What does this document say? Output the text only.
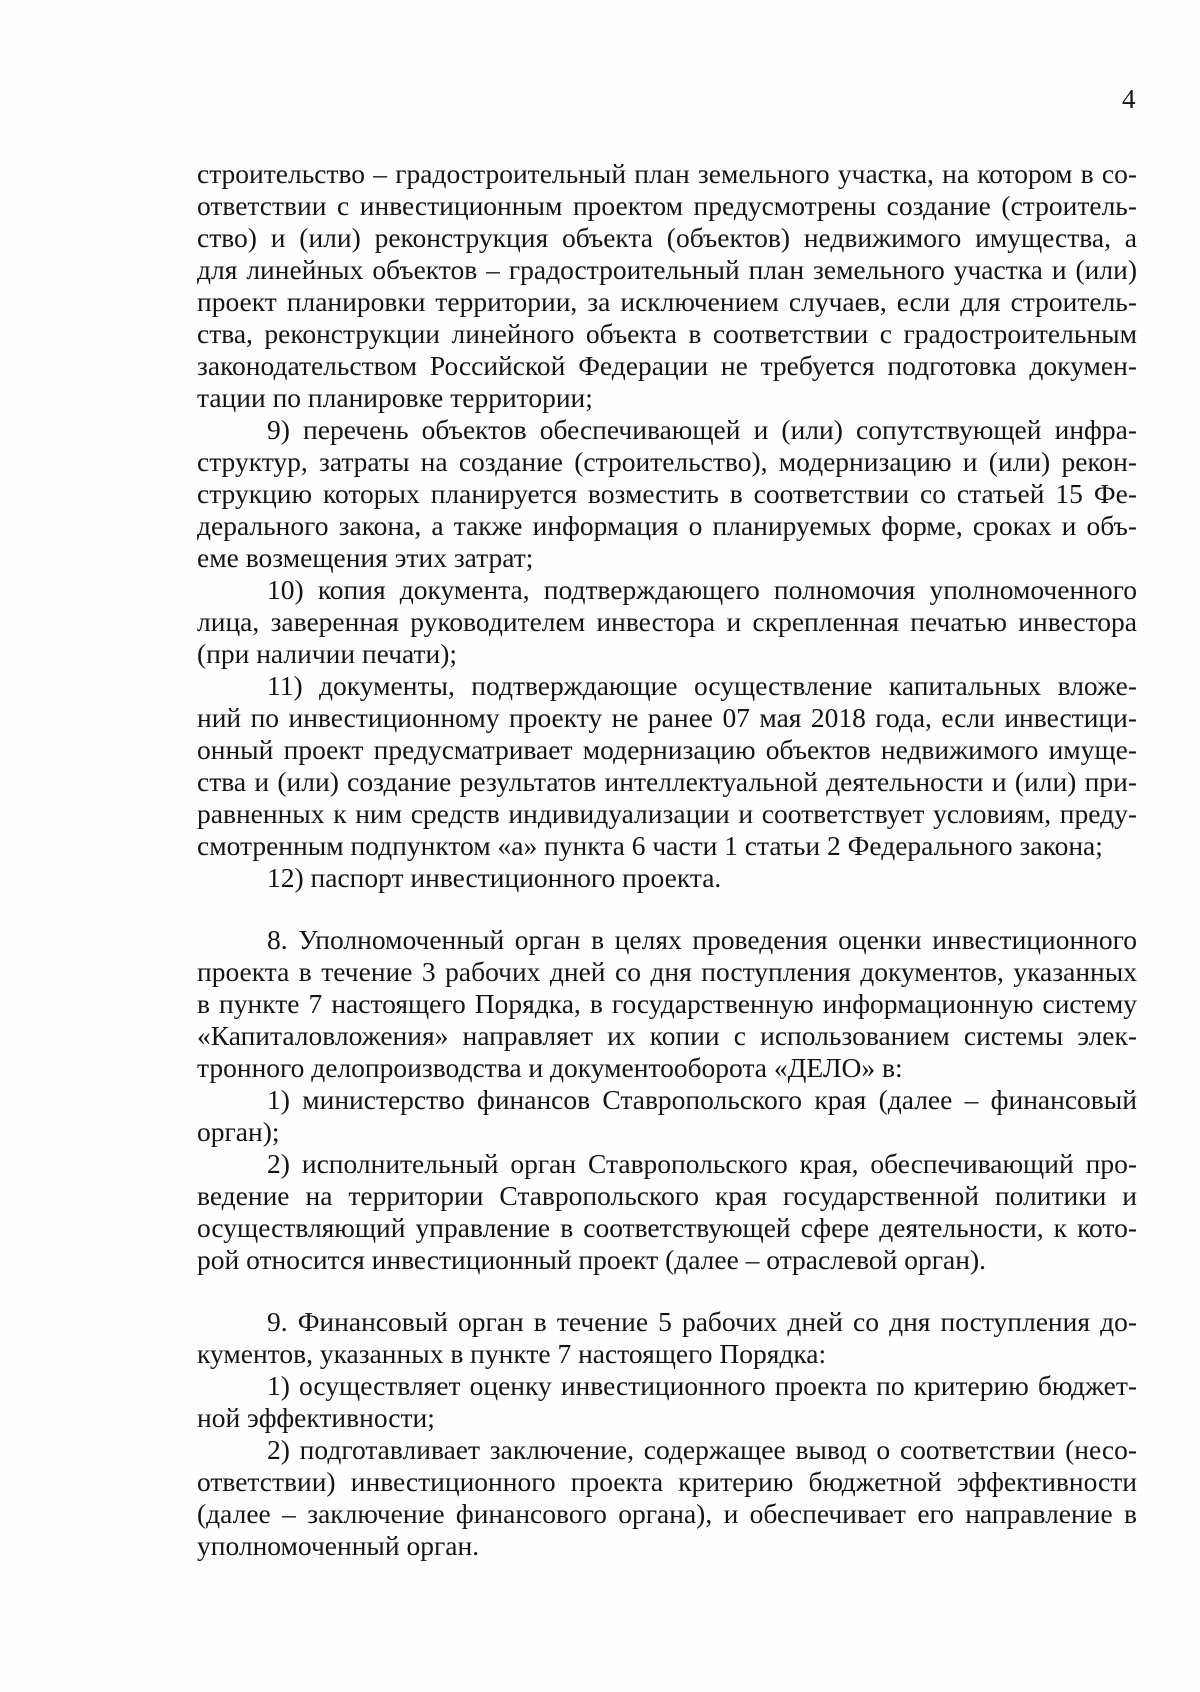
4
строительство – градостроительный план земельного участка, на котором в со-
ответствии с инвестиционным проектом предусмотрены создание (строитель-
ство) и (или) реконструкция объекта (объектов) недвижимого имущества, а
для линейных объектов – градостроительный план земельного участка и (или)
проект планировки территории, за исключением случаев, если для строитель-
ства, реконструкции линейного объекта в соответствии с градостроительным
законодательством Российской Федерации не требуется подготовка докумен-
тации по планировке территории;
9) перечень объектов обеспечивающей и (или) сопутствующей инфра-
структур, затраты на создание (строительство), модернизацию и (или) рекон-
струкцию которых планируется возместить в соответствии со статьей 15 Фе-
дерального закона, а также информация о планируемых форме, сроках и объ-
еме возмещения этих затрат;
10) копия документа, подтверждающего полномочия уполномоченного
лица, заверенная руководителем инвестора и скрепленная печатью инвестора
(при наличии печати);
11) документы, подтверждающие осуществление капитальных вложе-
ний по инвестиционному проекту не ранее 07 мая 2018 года, если инвестици-
онный проект предусматривает модернизацию объектов недвижимого имуще-
ства и (или) создание результатов интеллектуальной деятельности и (или) при-
равненных к ним средств индивидуализации и соответствует условиям, преду-
смотренным подпунктом «а» пункта 6 части 1 статьи 2 Федерального закона;
12) паспорт инвестиционного проекта.
8. Уполномоченный орган в целях проведения оценки инвестиционного
проекта в течение 3 рабочих дней со дня поступления документов, указанных
в пункте 7 настоящего Порядка, в государственную информационную систему
«Капиталовложения» направляет их копии с использованием системы элек-
тронного делопроизводства и документооборота «ДЕЛО» в:
1) министерство финансов Ставропольского края (далее – финансовый
орган);
2) исполнительный орган Ставропольского края, обеспечивающий про-
ведение на территории Ставропольского края государственной политики и
осуществляющий управление в соответствующей сфере деятельности, к кото-
рой относится инвестиционный проект (далее – отраслевой орган).
9. Финансовый орган в течение 5 рабочих дней со дня поступления до-
кументов, указанных в пункте 7 настоящего Порядка:
1) осуществляет оценку инвестиционного проекта по критерию бюджет-
ной эффективности;
2) подготавливает заключение, содержащее вывод о соответствии (несо-
ответствии) инвестиционного проекта критерию бюджетной эффективности
(далее – заключение финансового органа), и обеспечивает его направление в
уполномоченный орган.
